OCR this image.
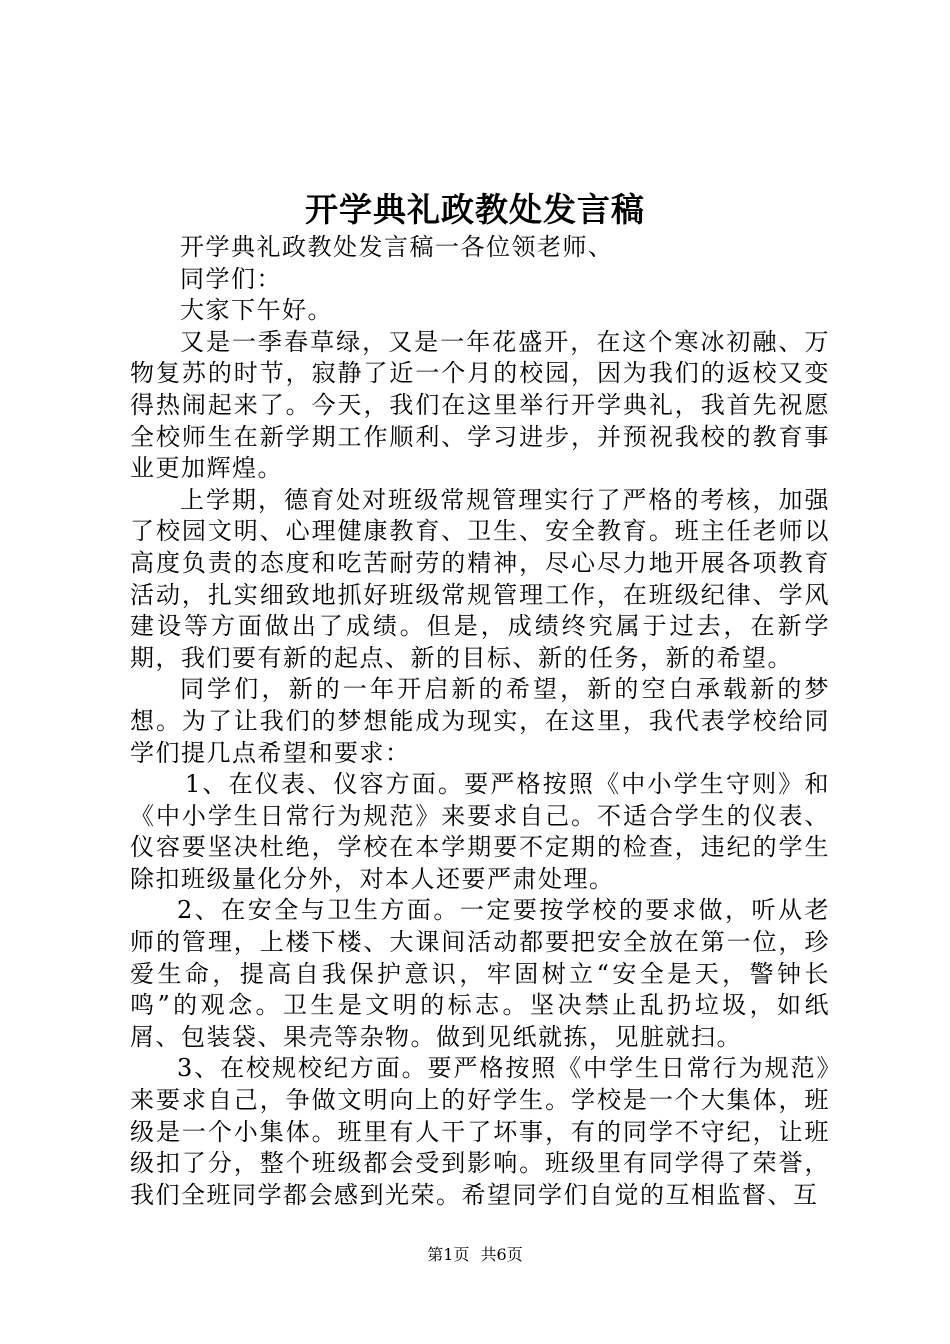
开学典礼政教处发言稿

开学典礼政教处发言稿一各位领老师、

同学们：

大家下午好。

又是一季春草绿，又是一年花盛开，在这个寒冰初融、万物复苏的时节，寂静了近一个月的校园，因为我们的返校又变得热闹起来了。今天，我们在这里举行开学典礼，我首先祝愿全校师生在新学期工作顺利、学习进步，并预祝我校的教育事业更加辉煌。

上学期，德育处对班级常规管理实行了严格的考核，加强了校园文明、心理健康教育、卫生、安全教育。班主任老师以高度负责的态度和吃苦耐劳的精神，尽心尽力地开展各项教育活动，扎实细致地抓好班级常规管理工作，在班级纪律、学风建设等方面做出了成绩。但是，成绩终究属于过去，在新学期，我们要有新的起点、新的目标、新的任务，新的希望。

同学们，新的一年开启新的希望，新的空白承载新的梦想。为了让我们的梦想能成为现实，在这里，我代表学校给同学们提几点希望和要求：

1、在仪表、仪容方面。要严格按照《中小学生守则》和《中小学生日常行为规范》来要求自己。不适合学生的仪表、仪容要坚决杜绝，学校在本学期要不定期的检查，违纪的学生除扣班级量化分外，对本人还要严肃处理。

2、在安全与卫生方面。一定要按学校的要求做，听从老师的管理，上楼下楼、大课间活动都要把安全放在第一位，珍爱生命，提高自我保护意识，牢固树立“安全是天，警钟长鸣”的观念。卫生是文明的标志。坚决禁止乱扔垃圾，如纸屑、包装袋、果壳等杂物。做到见纸就拣，见脏就扫。

3、在校规校纪方面。要严格按照《中学生日常行为规范》来要求自己，争做文明向上的好学生。学校是一个大集体，班级是一个小集体。班里有人干了坏事，有的同学不守纪，让班级扣了分，整个班级都会受到影响。班级里有同学得了荣誉，我们全班同学都会感到光荣。希望同学们自觉的互相监督、互

第1页 共6页
